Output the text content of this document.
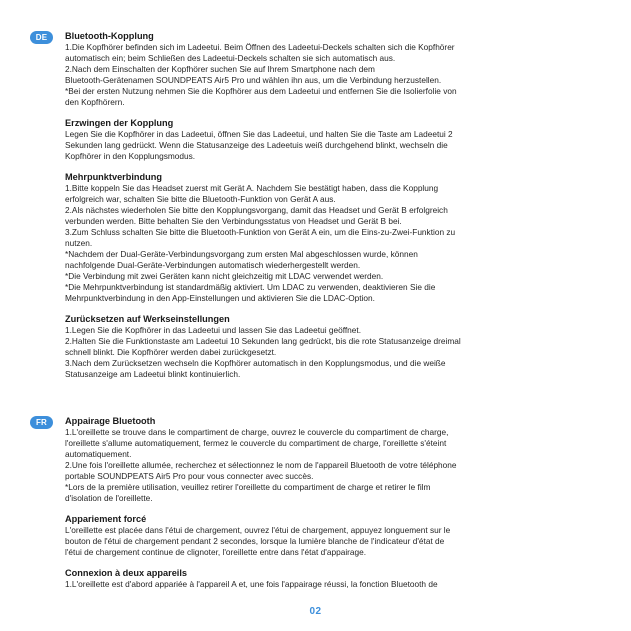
DE	Bluetooth-Kopplung
1.Die Kopfhörer befinden sich im Ladeetui. Beim Öffnen des Ladeetui-Deckels schalten sich die Kopfhörer
automatisch ein; beim Schließen des Ladeetui-Deckels schalten sie sich automatisch aus.
2.Nach dem Einschalten der Kopfhörer suchen Sie auf Ihrem Smartphone nach dem
Bluetooth-Gerätenamen SOUNDPEATS Air5 Pro und wählen ihn aus, um die Verbindung herzustellen.
*Bei der ersten Nutzung nehmen Sie die Kopfhörer aus dem Ladeetui und entfernen Sie die Isolierfolie von
den Kopfhörern.
Erzwingen der Kopplung
Legen Sie die Kopfhörer in das Ladeetui, öffnen Sie das Ladeetui, und halten Sie die Taste am Ladeetui 2
Sekunden lang gedrückt. Wenn die Statusanzeige des Ladeetuis weiß durchgehend blinkt, wechseln die
Kopfhörer in den Kopplungsmodus.
Mehrpunktverbindung
1.Bitte koppeln Sie das Headset zuerst mit Gerät A. Nachdem Sie bestätigt haben, dass die Kopplung
erfolgreich war, schalten Sie bitte die Bluetooth-Funktion von Gerät A aus.
2.Als nächstes wiederholen Sie bitte den Kopplungsvorgang, damit das Headset und Gerät B erfolgreich
verbunden werden. Bitte behalten Sie den Verbindungsstatus von Headset und Gerät B bei.
3.Zum Schluss schalten Sie bitte die Bluetooth-Funktion von Gerät A ein, um die Eins-zu-Zwei-Funktion zu
nutzen.
*Nachdem der Dual-Geräte-Verbindungsvorgang zum ersten Mal abgeschlossen wurde, können
nachfolgende Dual-Geräte-Verbindungen automatisch wiederhergestellt werden.
*Die Verbindung mit zwei Geräten kann nicht gleichzeitig mit LDAC verwendet werden.
*Die Mehrpunktverbindung ist standardmäßig aktiviert. Um LDAC zu verwenden, deaktivieren Sie die
Mehrpunktverbindung in den App-Einstellungen und aktivieren Sie die LDAC-Option.
Zurücksetzen auf Werkseinstellungen
1.Legen Sie die Kopfhörer in das Ladeetui und lassen Sie das Ladeetui geöffnet.
2.Halten Sie die Funktionstaste am Ladeetui 10 Sekunden lang gedrückt, bis die rote Statusanzeige dreimal
schnell blinkt. Die Kopfhörer werden dabei zurückgesetzt.
3.Nach dem Zurücksetzen wechseln die Kopfhörer automatisch in den Kopplungsmodus, und die weiße
Statusanzeige am Ladeetui blinkt kontinuierlich.
FR	Appairage Bluetooth
1.L'oreillette se trouve dans le compartiment de charge, ouvrez le couvercle du compartiment de charge,
l'oreillette s'allume automatiquement, fermez le couvercle du compartiment de charge, l'oreillette s'éteint
automatiquement.
2.Une fois l'oreillette allumée, recherchez et sélectionnez le nom de l'appareil Bluetooth de votre téléphone
portable SOUNDPEATS Air5 Pro pour vous connecter avec succès.
*Lors de la première utilisation, veuillez retirer l'oreillette du compartiment de charge et retirer le film
d'isolation de l'oreillette.
Appariement forcé
L'oreillette est placée dans l'étui de chargement, ouvrez l'étui de chargement, appuyez longuement sur le
bouton de l'étui de chargement pendant 2 secondes, lorsque la lumière blanche de l'indicateur d'état de
l'étui de chargement continue de clignoter, l'oreillette entre dans l'état d'appairage.
Connexion à deux appareils
1.L'oreillette est d'abord appariée à l'appareil A et, une fois l'appairage réussi, la fonction Bluetooth de
02
